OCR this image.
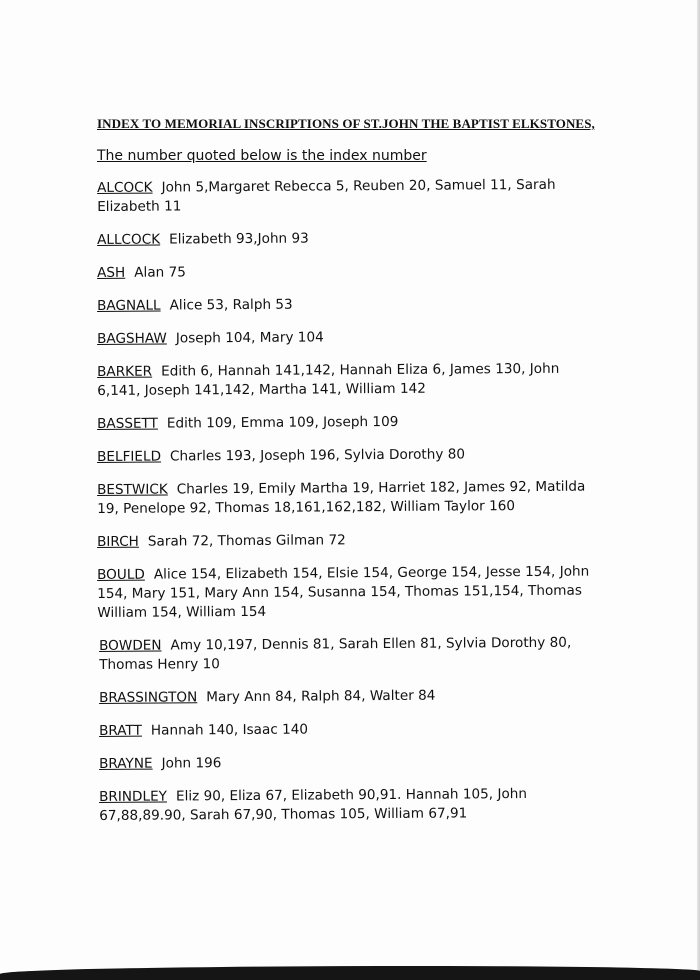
INDEX TO MEMORIAL INSCRIPTIONS OF ST.JOHN THE BAPTIST ELKSTONES,
The number quoted below is the index number
ALCOCK John 5,Margaret Rebecca 5, Reuben 20, Samuel 11, Sarah Elizabeth 11
ALLCOCK Elizabeth 93,John 93
ASH Alan 75
BAGNALL Alice 53, Ralph 53
BAGSHAW Joseph 104, Mary 104
BARKER Edith 6, Hannah 141,142, Hannah Eliza 6, James 130, John 6,141, Joseph 141,142, Martha 141, William 142
BASSETT Edith 109, Emma 109, Joseph 109
BELFIELD Charles 193, Joseph 196, Sylvia Dorothy 80
BESTWICK Charles 19, Emily Martha 19, Harriet 182, James 92, Matilda 19, Penelope 92, Thomas 18,161,162,182, William Taylor 160
BIRCH Sarah 72, Thomas Gilman 72
BOULD Alice 154, Elizabeth 154, Elsie 154, George 154, Jesse 154, John 154, Mary 151, Mary Ann 154, Susanna 154, Thomas 151,154, Thomas William 154, William 154
BOWDEN Amy 10,197, Dennis 81, Sarah Ellen 81, Sylvia Dorothy 80, Thomas Henry 10
BRASSINGTON Mary Ann 84, Ralph 84, Walter 84
BRATT Hannah 140, Isaac 140
BRAYNE John 196
BRINDLEY Eliz 90, Eliza 67, Elizabeth 90,91. Hannah 105, John 67,88,89.90, Sarah 67,90, Thomas 105, William 67,91
